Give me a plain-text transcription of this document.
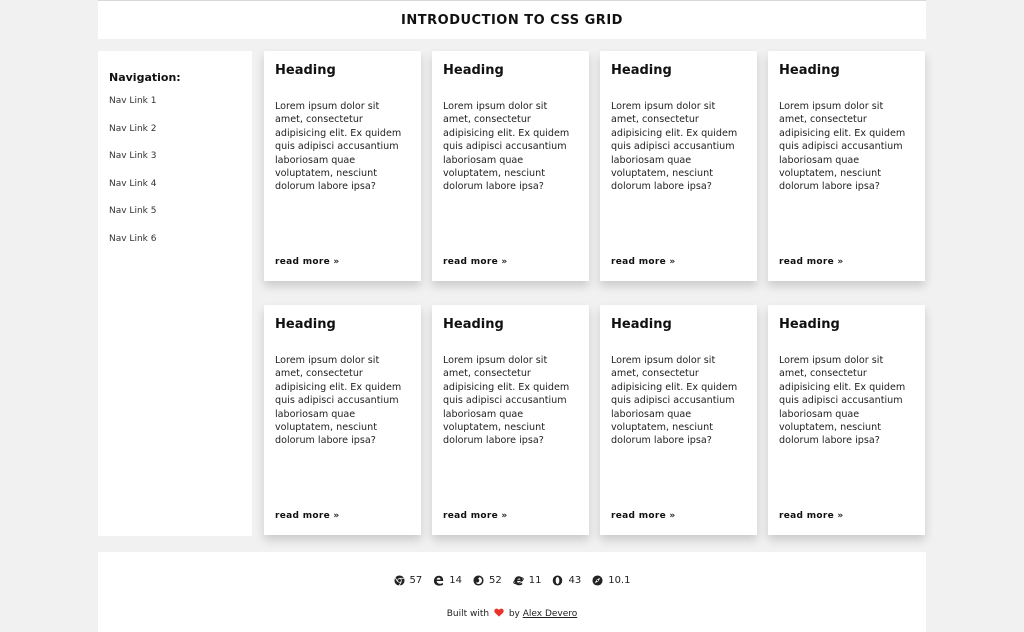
INTRODUCTION TO CSS GRID
Navigation:
Nav Link 1
Nav Link 2
Nav Link 3
Nav Link 4
Nav Link 5
Nav Link 6
Heading
Lorem ipsum dolor sit amet, consectetur adipisicing elit. Ex quidem quis adipisci accusantium laboriosam quae voluptatem, nesciunt dolorum labore ipsa?
read more »
Heading
Lorem ipsum dolor sit amet, consectetur adipisicing elit. Ex quidem quis adipisci accusantium laboriosam quae voluptatem, nesciunt dolorum labore ipsa?
read more »
Heading
Lorem ipsum dolor sit amet, consectetur adipisicing elit. Ex quidem quis adipisci accusantium laboriosam quae voluptatem, nesciunt dolorum labore ipsa?
read more »
Heading
Lorem ipsum dolor sit amet, consectetur adipisicing elit. Ex quidem quis adipisci accusantium laboriosam quae voluptatem, nesciunt dolorum labore ipsa?
read more »
Heading
Lorem ipsum dolor sit amet, consectetur adipisicing elit. Ex quidem quis adipisci accusantium laboriosam quae voluptatem, nesciunt dolorum labore ipsa?
read more »
Heading
Lorem ipsum dolor sit amet, consectetur adipisicing elit. Ex quidem quis adipisci accusantium laboriosam quae voluptatem, nesciunt dolorum labore ipsa?
read more »
Heading
Lorem ipsum dolor sit amet, consectetur adipisicing elit. Ex quidem quis adipisci accusantium laboriosam quae voluptatem, nesciunt dolorum labore ipsa?
read more »
Heading
Lorem ipsum dolor sit amet, consectetur adipisicing elit. Ex quidem quis adipisci accusantium laboriosam quae voluptatem, nesciunt dolorum labore ipsa?
read more »
57	14	52	11	43	10.1
Built with by Alex Devero
